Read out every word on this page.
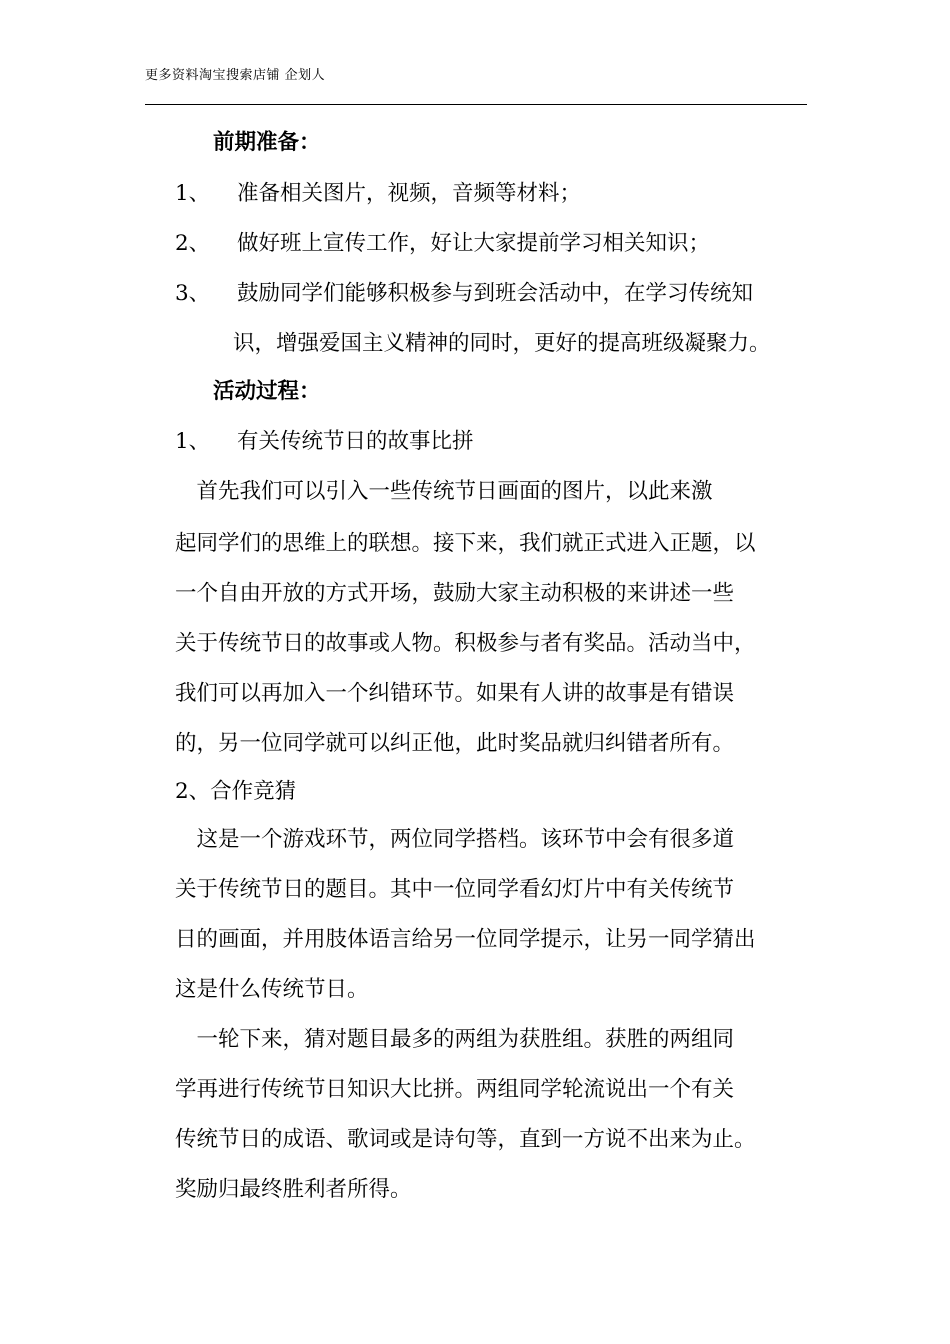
更多资料淘宝搜索店铺 企划人
前期准备：
1、 准备相关图片，视频，音频等材料；
2、 做好班上宣传工作，好让大家提前学习相关知识；
3、 鼓励同学们能够积极参与到班会活动中，在学习传统知
识，增强爱国主义精神的同时，更好的提高班级凝聚力。
活动过程：
1、 有关传统节日的故事比拼
　首先我们可以引入一些传统节日画面的图片，以此来激
起同学们的思维上的联想。接下来，我们就正式进入正题，以
一个自由开放的方式开场，鼓励大家主动积极的来讲述一些
关于传统节日的故事或人物。积极参与者有奖品。活动当中，
我们可以再加入一个纠错环节。如果有人讲的故事是有错误
的，另一位同学就可以纠正他，此时奖品就归纠错者所有。
2、合作竞猜
　这是一个游戏环节，两位同学搭档。该环节中会有很多道
关于传统节日的题目。其中一位同学看幻灯片中有关传统节
日的画面，并用肢体语言给另一位同学提示，让另一同学猜出
这是什么传统节日。
　一轮下来，猜对题目最多的两组为获胜组。获胜的两组同
学再进行传统节日知识大比拼。两组同学轮流说出一个有关
传统节日的成语、歌词或是诗句等，直到一方说不出来为止。
奖励归最终胜利者所得。
